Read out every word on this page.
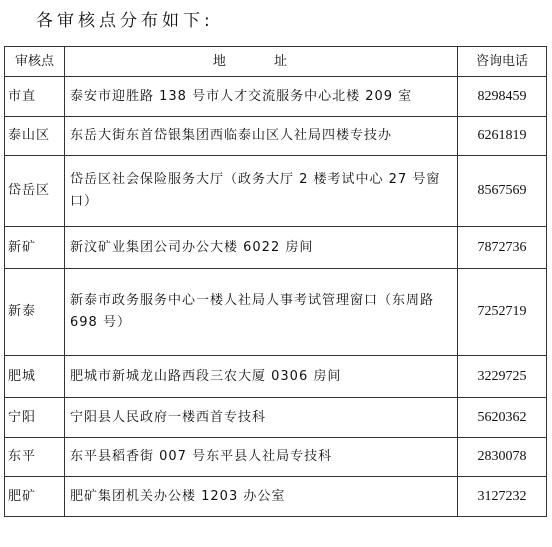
各审核点分布如下:
审核点	地 址	咨询电话
市直	泰安市迎胜路 138 号市人才交流服务中心北楼 209 室	8298459
泰山区	东岳大街东首岱银集团西临泰山区人社局四楼专技办	6261819
岱岳区	岱岳区社会保险服务大厅（政务大厅 2 楼考试中心 27 号窗口）	8567569
新矿	新汶矿业集团公司办公大楼 6022 房间	7872736
新泰	新泰市政务服务中心一楼人社局人事考试管理窗口（东周路 698 号）	7252719
肥城	肥城市新城龙山路西段三农大厦 0306 房间	3229725
宁阳	宁阳县人民政府一楼西首专技科	5620362
东平	东平县稻香街 007 号东平县人社局专技科	2830078
肥矿	肥矿集团机关办公楼 1203 办公室	3127232
